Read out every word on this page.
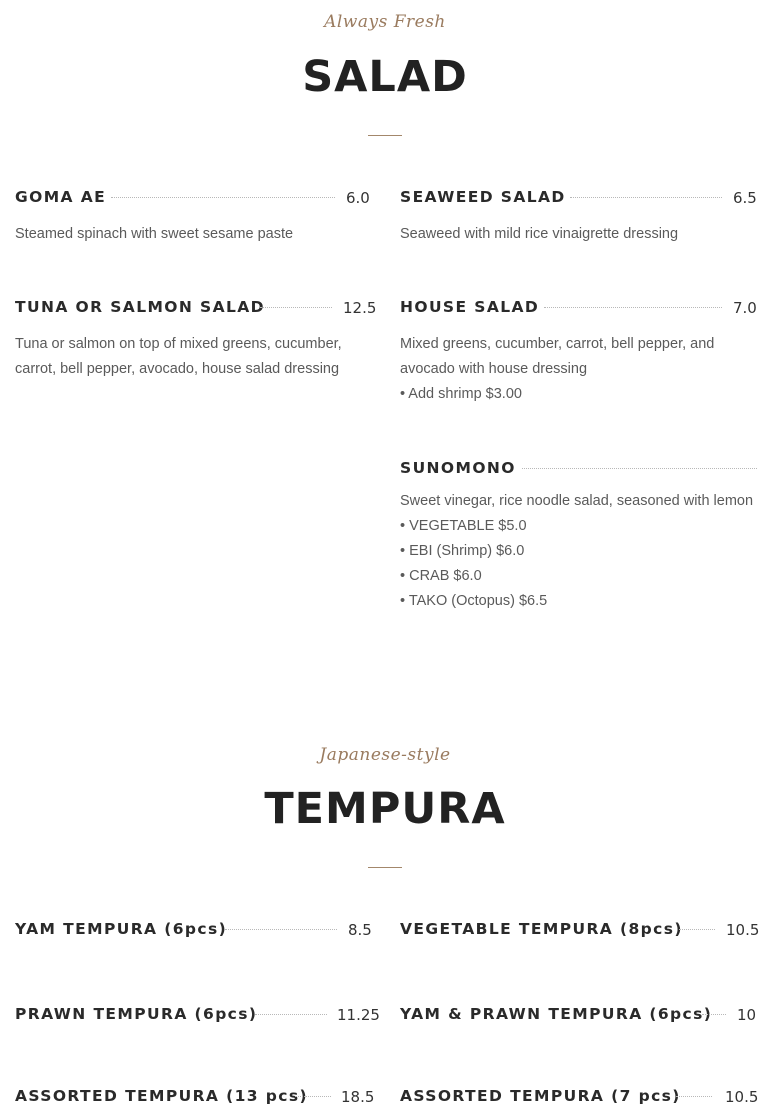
Always Fresh
SALAD
GOMA AE	6.0
Steamed spinach with sweet sesame paste
SEAWEED SALAD	6.5
Seaweed with mild rice vinaigrette dressing
TUNA OR SALMON SALAD	12.5
Tuna or salmon on top of mixed greens, cucumber, carrot, bell pepper, avocado, house salad dressing
HOUSE SALAD	7.0
Mixed greens, cucumber, carrot, bell pepper, and avocado with house dressing
• Add shrimp $3.00
SUNOMONO
Sweet vinegar, rice noodle salad, seasoned with lemon
• VEGETABLE $5.0
• EBI (Shrimp) $6.0
• CRAB $6.0
• TAKO (Octopus) $6.5
Japanese-style
TEMPURA
YAM TEMPURA (6pcs)	8.5 VEGETABLE TEMPURA (8pcs)	10.5
PRAWN TEMPURA (6pcs)	11.25 YAM & PRAWN TEMPURA (6pcs) 10
ASSORTED TEMPURA (13 pcs) 18.5 ASSORTED TEMPURA (7 pcs)	10.5
